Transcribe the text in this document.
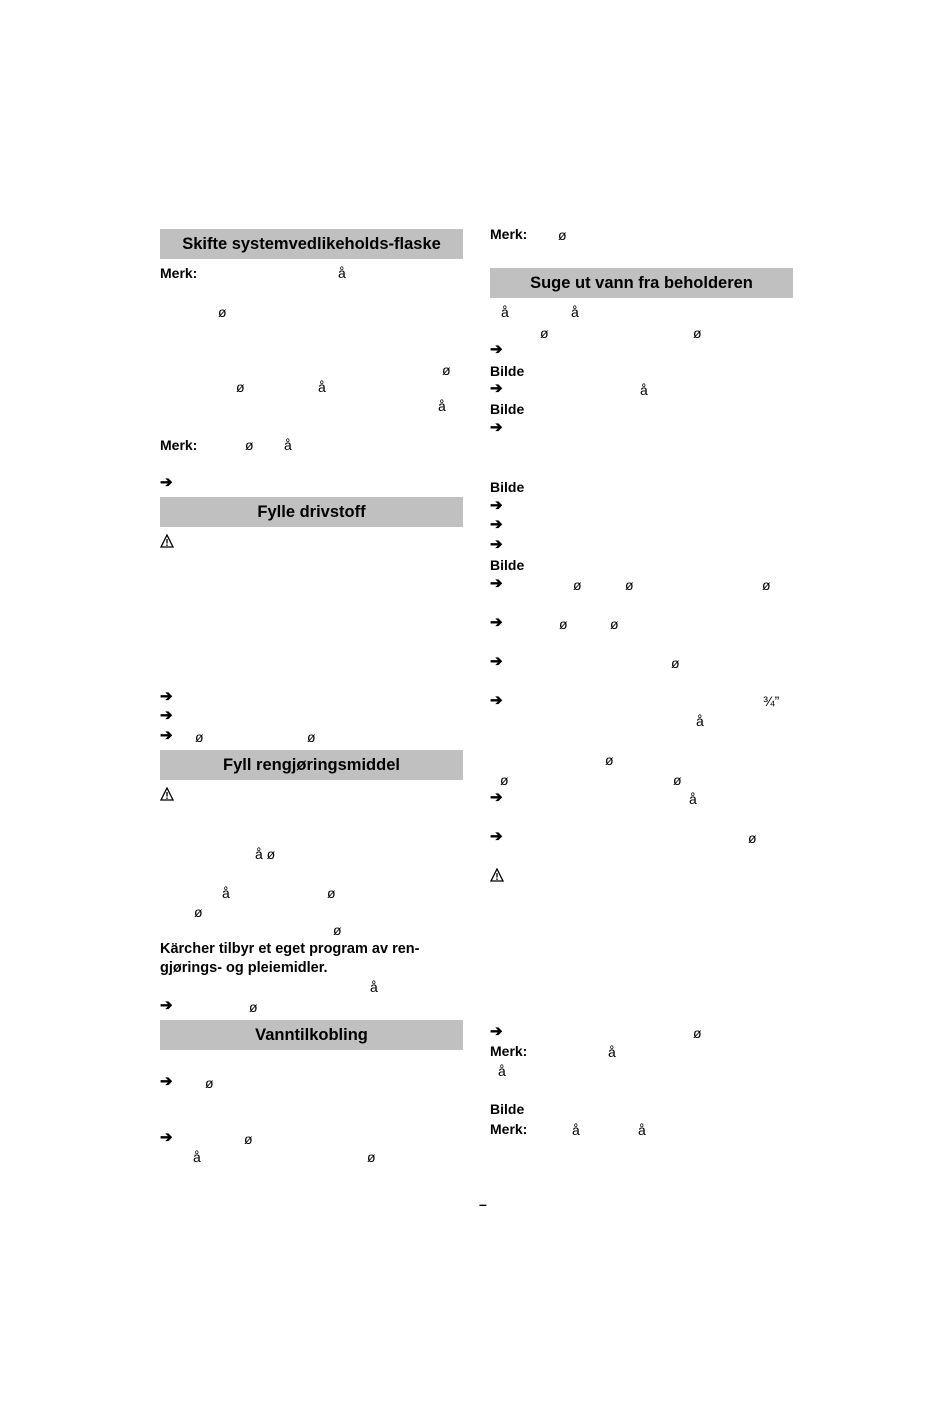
Skifte systemvedlikeholds-flaske
Merk:	å
ø
ø
ø	å
å
Merk:	ø å
➔
Fylle drivstoff
➔
➔
➔ ø	ø
Fyll rengjøringsmiddel
å ø
å	ø
ø
ø
Kärcher tilbyr et eget program av ren-
gjørings- og pleiemidler.
å
➔	ø
Vanntilkobling
➔ ø
➔	ø
å	ø
Merk: ø
Suge ut vann fra beholderen
å	å
ø	ø
➔
Bilde
➔	å
Bilde
➔
Bilde
➔
➔
➔
Bilde
➔	ø	ø	ø
➔	ø	ø
➔	ø
➔	¾”
å
ø
ø	ø
➔	å
➔	ø
➔	ø
Merk:	å
å
Bilde
Merk:	å	å
–
